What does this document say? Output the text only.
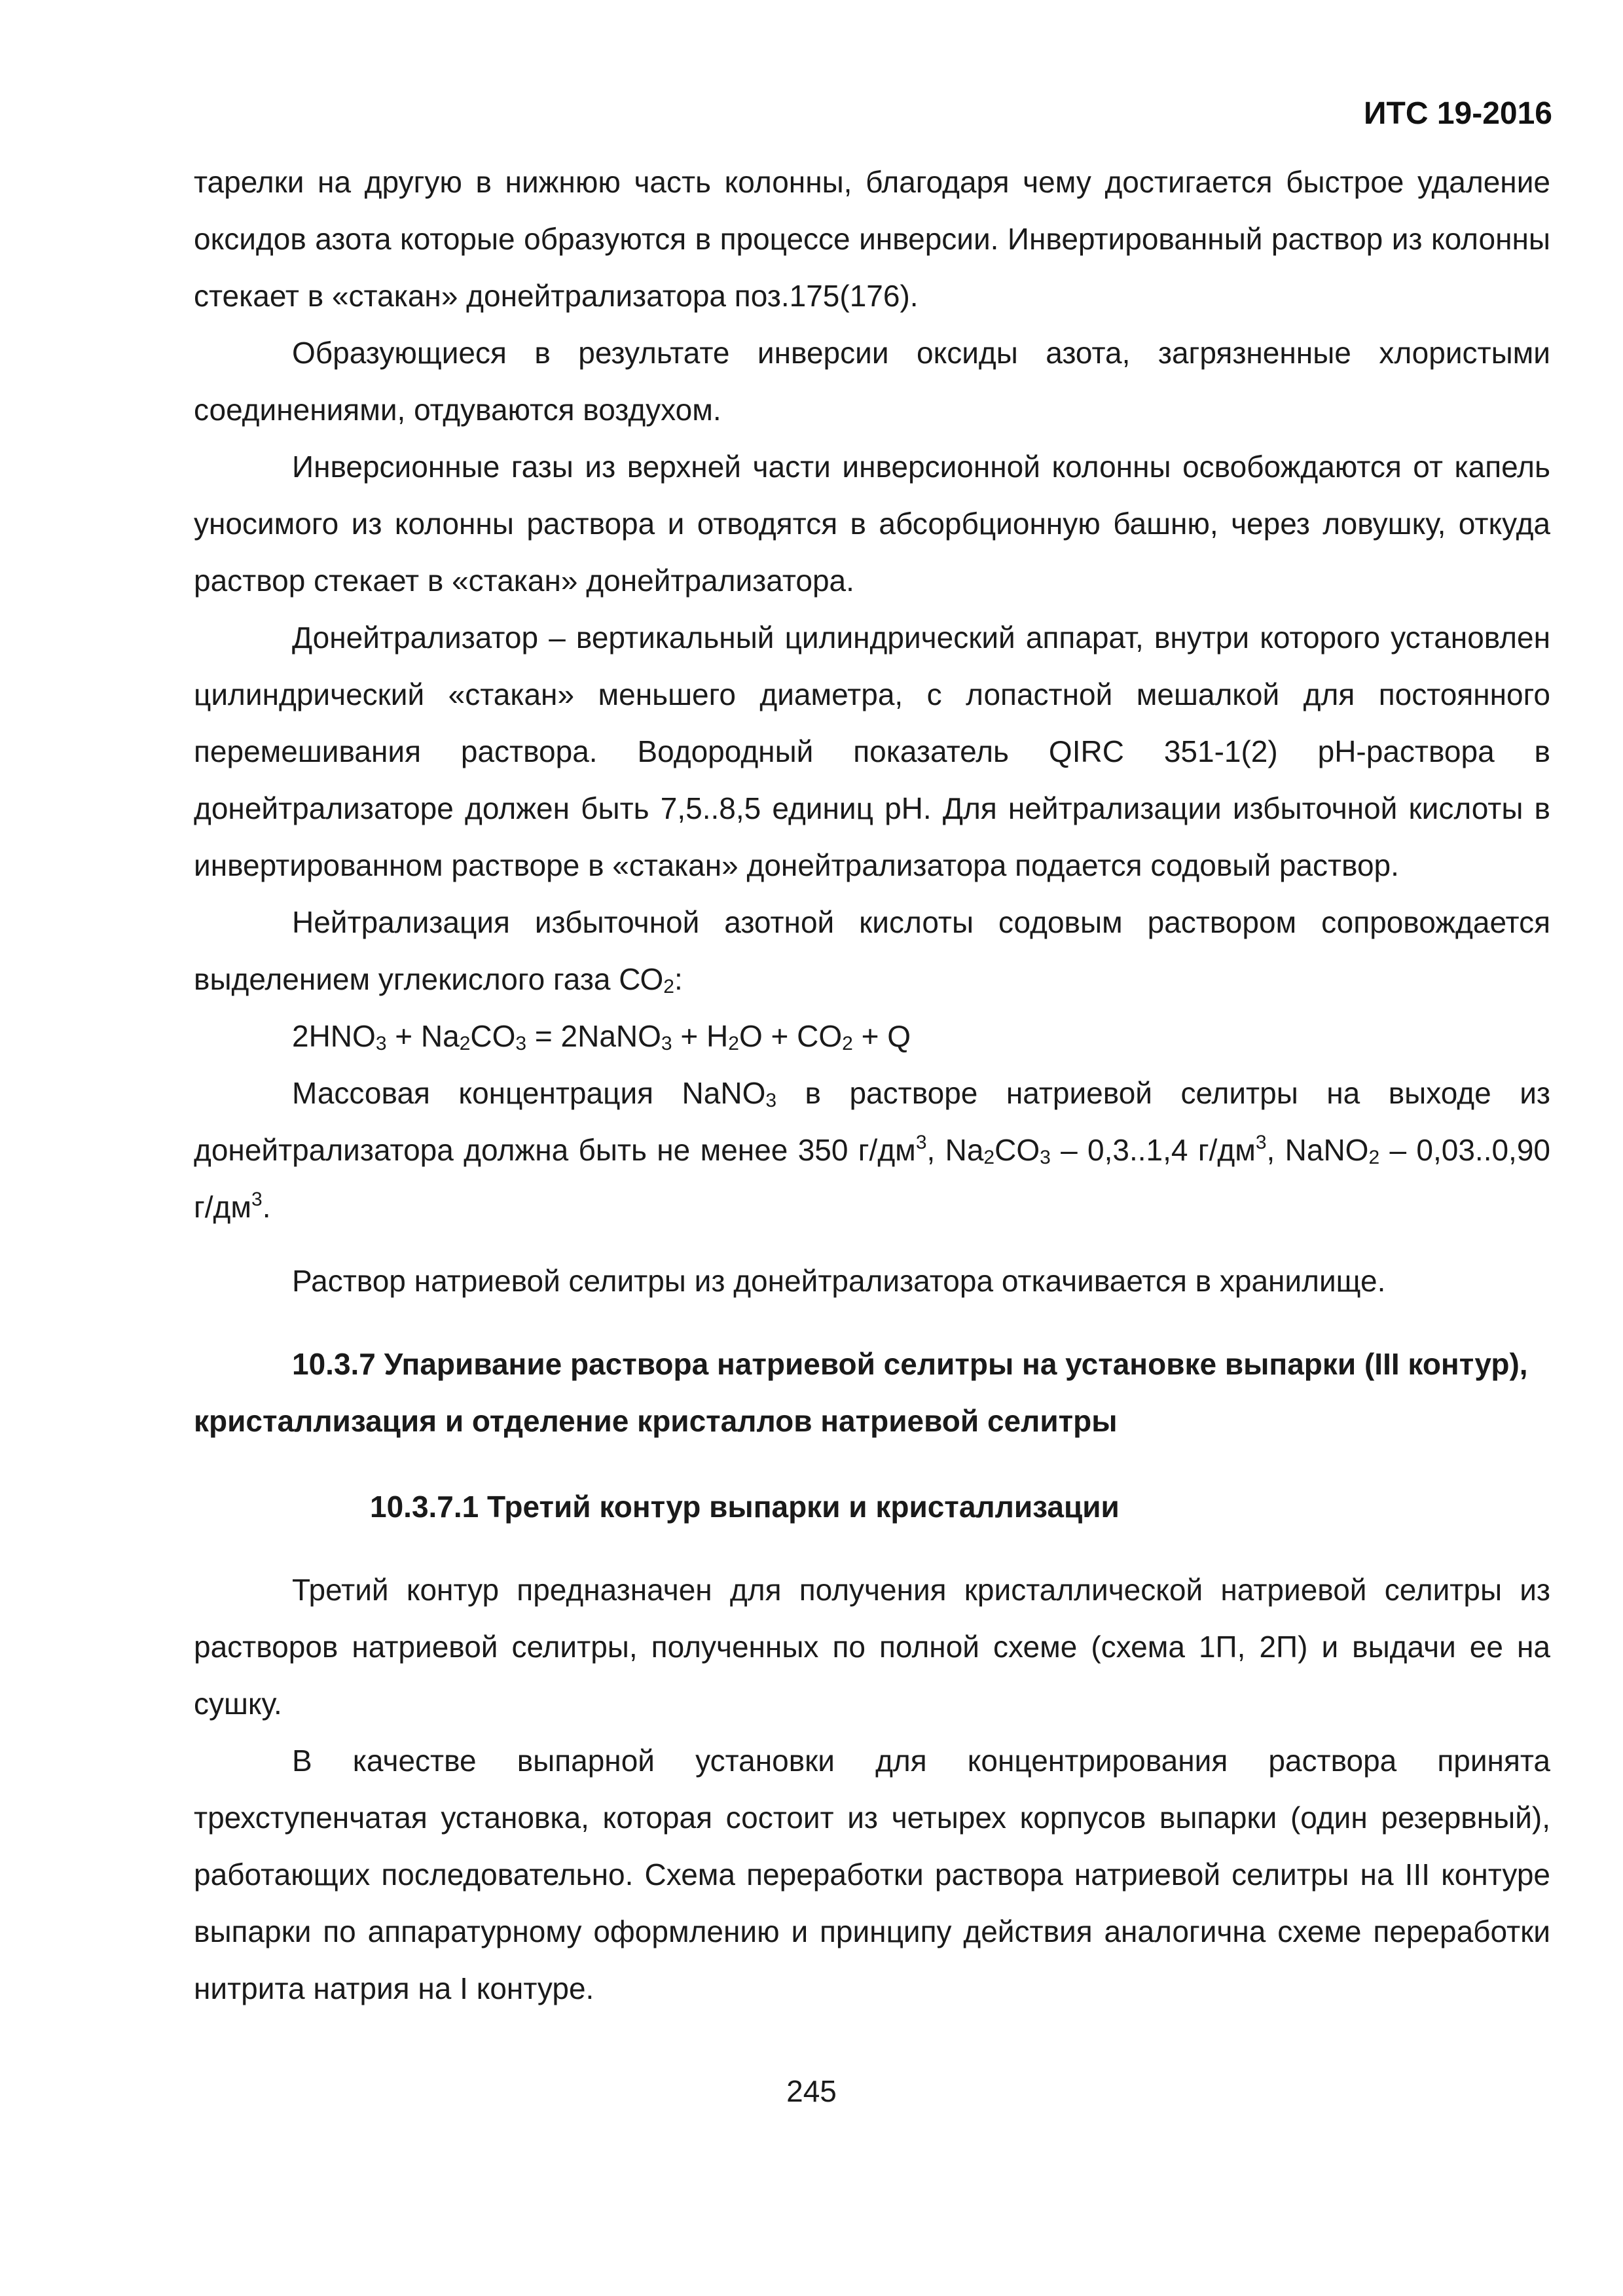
ИТС 19-2016

тарелки на другую в нижнюю часть колонны, благодаря чему достигается быстрое удаление оксидов азота которые образуются в процессе инверсии. Инвертированный раствор из колонны стекает в «стакан» донейтрализатора поз.175(176).

Образующиеся в результате инверсии оксиды азота, загрязненные хлористыми соединениями, отдуваются воздухом.

Инверсионные газы из верхней части инверсионной колонны освобождаются от капель уносимого из колонны раствора и отводятся в абсорбционную башню, через ловушку, откуда раствор стекает в «стакан» донейтрализатора.

Донейтрализатор – вертикальный цилиндрический аппарат, внутри которого установлен цилиндрический «стакан» меньшего диаметра, с лопастной мешалкой для постоянного перемешивания раствора. Водородный показатель QIRC 351-1(2) рН-раствора в донейтрализаторе должен быть 7,5..8,5 единиц рН. Для нейтрализации избыточной кислоты в инвертированном растворе в «стакан» донейтрализатора подается содовый раствор.

Нейтрализация избыточной азотной кислоты содовым раствором сопровождается выделением углекислого газа $СО_2$:

$2HNO_3 + Na_2CO_3$ = 2NaNO$_3$ + $H_2O + CO_2 + Q$

Массовая концентрация NaNO$_3$ в растворе натриевой селитры на выходе из донейтрализатора должна быть не менее 350 $г/дм^3$, $Na_2CO_3 - 0,3..1,4$ $г/дм^3$, NaNO$_2$ – 0,03..0,90 $г/дм^3$.

Раствор натриевой селитры из донейтрализатора откачивается в хранилище.

10.3.7 Упаривание раствора натриевой селитры на установке выпарки (III контур), кристаллизация и отделение кристаллов натриевой селитры

10.3.7.1 Третий контур выпарки и кристаллизации

Третий контур предназначен для получения кристаллической натриевой селитры из растворов натриевой селитры, полученных по полной схеме (схема 1П, 2П) и выдачи ее на сушку.

В качестве выпарной установки для концентрирования раствора принята трехступенчатая установка, которая состоит из четырех корпусов выпарки (один резервный), работающих последовательно. Схема переработки раствора натриевой селитры на III контуре выпарки по аппаратурному оформлению и принципу действия аналогична схеме переработки нитрита натрия на I контуре.

245
